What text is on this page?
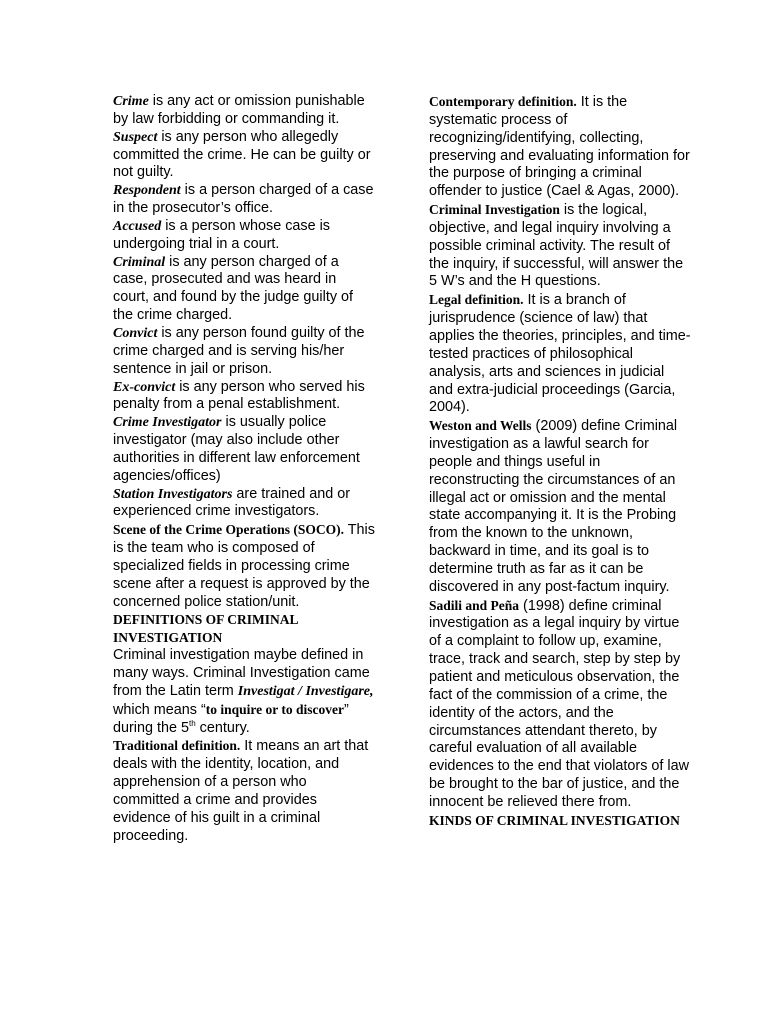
Crime is any act or omission punishable by law forbidding or commanding it.

Suspect is any person who allegedly committed the crime. He can be guilty or not guilty.

Respondent is a person charged of a case in the prosecutor’s office.

Accused is a person whose case is undergoing trial in a court.

Criminal is any person charged of a case, prosecuted and was heard in court, and found by the judge guilty of the crime charged.

Convict is any person found guilty of the crime charged and is serving his/her sentence in jail or prison.

Ex-convict is any person who served his penalty from a penal establishment.

Crime Investigator is usually police investigator (may also include other authorities in different law enforcement agencies/offices)

Station Investigators are trained and or experienced crime investigators.

Scene of the Crime Operations (SOCO). This is the team who is composed of specialized fields in processing crime scene after a request is approved by the concerned police station/unit.

DEFINITIONS OF CRIMINAL INVESTIGATION

Criminal investigation maybe defined in many ways. Criminal Investigation came from the Latin term Investigat / Investigare, which means “to inquire or to discover” during the 5th century.

Traditional definition. It means an art that deals with the identity, location, and apprehension of a person who committed a crime and provides evidence of his guilt in a criminal proceeding.

Contemporary definition. It is the systematic process of recognizing/identifying, collecting, preserving and evaluating information for the purpose of bringing a criminal offender to justice (Cael & Agas, 2000). Criminal Investigation is the logical, objective, and legal inquiry involving a possible criminal activity. The result of the inquiry, if successful, will answer the 5 W’s and the H questions.

Legal definition. It is a branch of jurisprudence (science of law) that applies the theories, principles, and time-tested practices of philosophical analysis, arts and sciences in judicial and extra-judicial proceedings (Garcia, 2004).

Weston and Wells (2009) define Criminal investigation as a lawful search for people and things useful in reconstructing the circumstances of an illegal act or omission and the mental state accompanying it. It is the Probing from the known to the unknown, backward in time, and its goal is to determine truth as far as it can be discovered in any post-factum inquiry.

Sadili and Peña (1998) define criminal investigation as a legal inquiry by virtue of a complaint to follow up, examine, trace, track and search, step by step by patient and meticulous observation, the fact of the commission of a crime, the identity of the actors, and the circumstances attendant thereto, by careful evaluation of all available evidences to the end that violators of law be brought to the bar of justice, and the innocent be relieved there from.

KINDS OF CRIMINAL INVESTIGATION
